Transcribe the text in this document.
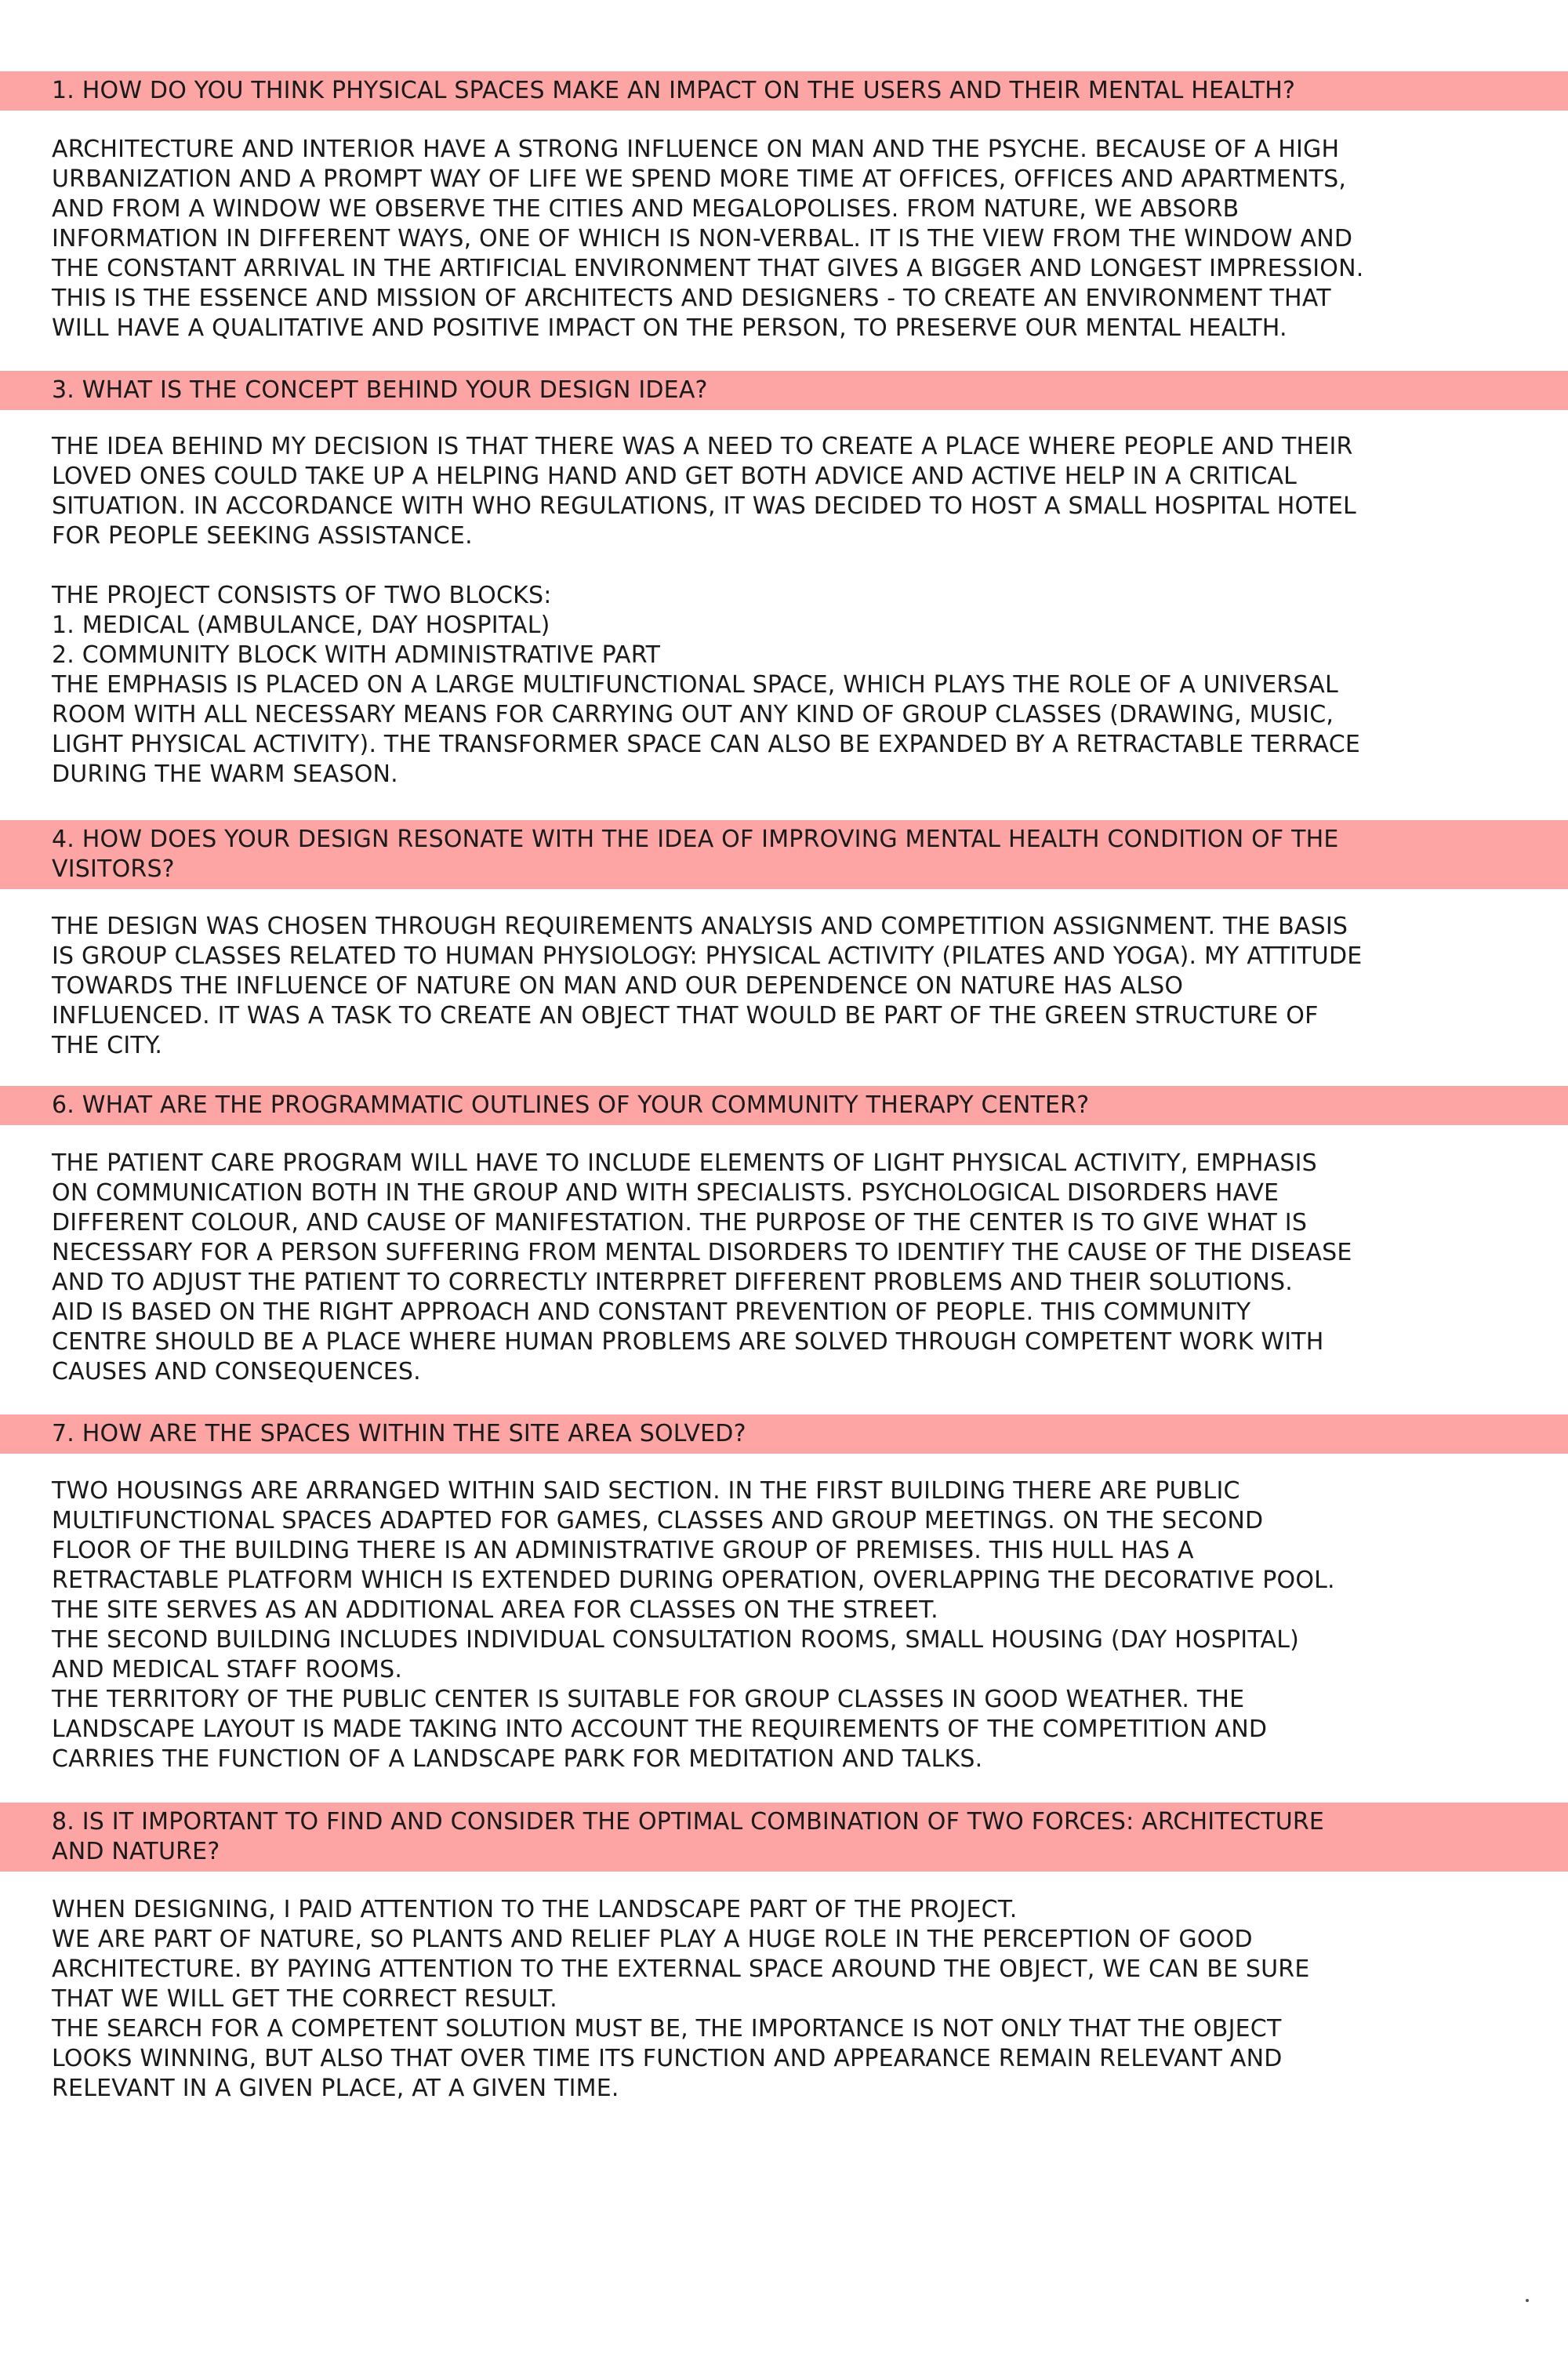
1. HOW DO YOU THINK PHYSICAL SPACES MAKE AN IMPACT ON THE USERS AND THEIR MENTAL HEALTH?
ARCHITECTURE AND INTERIOR HAVE A STRONG INFLUENCE ON MAN AND THE PSYCHE. BECAUSE OF A HIGH
URBANIZATION AND A PROMPT WAY OF LIFE WE SPEND MORE TIME AT OFFICES, OFFICES AND APARTMENTS,
AND FROM A WINDOW WE OBSERVE THE CITIES AND MEGALOPOLISES. FROM NATURE, WE ABSORB
INFORMATION IN DIFFERENT WAYS, ONE OF WHICH IS NON-VERBAL. IT IS THE VIEW FROM THE WINDOW AND
THE CONSTANT ARRIVAL IN THE ARTIFICIAL ENVIRONMENT THAT GIVES A BIGGER AND LONGEST IMPRESSION.
THIS IS THE ESSENCE AND MISSION OF ARCHITECTS AND DESIGNERS - TO CREATE AN ENVIRONMENT THAT
WILL HAVE A QUALITATIVE AND POSITIVE IMPACT ON THE PERSON, TO PRESERVE OUR MENTAL HEALTH.
3. WHAT IS THE CONCEPT BEHIND YOUR DESIGN IDEA?
THE IDEA BEHIND MY DECISION IS THAT THERE WAS A NEED TO CREATE A PLACE WHERE PEOPLE AND THEIR
LOVED ONES COULD TAKE UP A HELPING HAND AND GET BOTH ADVICE AND ACTIVE HELP IN A CRITICAL
SITUATION. IN ACCORDANCE WITH WHO REGULATIONS, IT WAS DECIDED TO HOST A SMALL HOSPITAL HOTEL
FOR PEOPLE SEEKING ASSISTANCE.

THE PROJECT CONSISTS OF TWO BLOCKS:
1. MEDICAL (AMBULANCE, DAY HOSPITAL)
2. COMMUNITY BLOCK WITH ADMINISTRATIVE PART
THE EMPHASIS IS PLACED ON A LARGE MULTIFUNCTIONAL SPACE, WHICH PLAYS THE ROLE OF A UNIVERSAL
ROOM WITH ALL NECESSARY MEANS FOR CARRYING OUT ANY KIND OF GROUP CLASSES (DRAWING, MUSIC,
LIGHT PHYSICAL ACTIVITY). THE TRANSFORMER SPACE CAN ALSO BE EXPANDED BY A RETRACTABLE TERRACE
DURING THE WARM SEASON.
4. HOW DOES YOUR DESIGN RESONATE WITH THE IDEA OF IMPROVING MENTAL HEALTH CONDITION OF THE
VISITORS?
THE DESIGN WAS CHOSEN THROUGH REQUIREMENTS ANALYSIS AND COMPETITION ASSIGNMENT. THE BASIS
IS GROUP CLASSES RELATED TO HUMAN PHYSIOLOGY: PHYSICAL ACTIVITY (PILATES AND YOGA). MY ATTITUDE
TOWARDS THE INFLUENCE OF NATURE ON MAN AND OUR DEPENDENCE ON NATURE HAS ALSO
INFLUENCED. IT WAS A TASK TO CREATE AN OBJECT THAT WOULD BE PART OF THE GREEN STRUCTURE OF
THE CITY.
6. WHAT ARE THE PROGRAMMATIC OUTLINES OF YOUR COMMUNITY THERAPY CENTER?
THE PATIENT CARE PROGRAM WILL HAVE TO INCLUDE ELEMENTS OF LIGHT PHYSICAL ACTIVITY, EMPHASIS
ON COMMUNICATION BOTH IN THE GROUP AND WITH SPECIALISTS. PSYCHOLOGICAL DISORDERS HAVE
DIFFERENT COLOUR, AND CAUSE OF MANIFESTATION. THE PURPOSE OF THE CENTER IS TO GIVE WHAT IS
NECESSARY FOR A PERSON SUFFERING FROM MENTAL DISORDERS TO IDENTIFY THE CAUSE OF THE DISEASE
AND TO ADJUST THE PATIENT TO CORRECTLY INTERPRET DIFFERENT PROBLEMS AND THEIR SOLUTIONS.
AID IS BASED ON THE RIGHT APPROACH AND CONSTANT PREVENTION OF PEOPLE. THIS COMMUNITY
CENTRE SHOULD BE A PLACE WHERE HUMAN PROBLEMS ARE SOLVED THROUGH COMPETENT WORK WITH
CAUSES AND CONSEQUENCES.
7. HOW ARE THE SPACES WITHIN THE SITE AREA SOLVED?
TWO HOUSINGS ARE ARRANGED WITHIN SAID SECTION. IN THE FIRST BUILDING THERE ARE PUBLIC
MULTIFUNCTIONAL SPACES ADAPTED FOR GAMES, CLASSES AND GROUP MEETINGS. ON THE SECOND
FLOOR OF THE BUILDING THERE IS AN ADMINISTRATIVE GROUP OF PREMISES. THIS HULL HAS A
RETRACTABLE PLATFORM WHICH IS EXTENDED DURING OPERATION, OVERLAPPING THE DECORATIVE POOL.
THE SITE SERVES AS AN ADDITIONAL AREA FOR CLASSES ON THE STREET.
THE SECOND BUILDING INCLUDES INDIVIDUAL CONSULTATION ROOMS, SMALL HOUSING (DAY HOSPITAL)
AND MEDICAL STAFF ROOMS.
THE TERRITORY OF THE PUBLIC CENTER IS SUITABLE FOR GROUP CLASSES IN GOOD WEATHER. THE
LANDSCAPE LAYOUT IS MADE TAKING INTO ACCOUNT THE REQUIREMENTS OF THE COMPETITION AND
CARRIES THE FUNCTION OF A LANDSCAPE PARK FOR MEDITATION AND TALKS.
8. IS IT IMPORTANT TO FIND AND CONSIDER THE OPTIMAL COMBINATION OF TWO FORCES: ARCHITECTURE
AND NATURE?
WHEN DESIGNING, I PAID ATTENTION TO THE LANDSCAPE PART OF THE PROJECT.
WE ARE PART OF NATURE, SO PLANTS AND RELIEF PLAY A HUGE ROLE IN THE PERCEPTION OF GOOD
ARCHITECTURE. BY PAYING ATTENTION TO THE EXTERNAL SPACE AROUND THE OBJECT, WE CAN BE SURE
THAT WE WILL GET THE CORRECT RESULT.
THE SEARCH FOR A COMPETENT SOLUTION MUST BE, THE IMPORTANCE IS NOT ONLY THAT THE OBJECT
LOOKS WINNING, BUT ALSO THAT OVER TIME ITS FUNCTION AND APPEARANCE REMAIN RELEVANT AND
RELEVANT IN A GIVEN PLACE, AT A GIVEN TIME.
